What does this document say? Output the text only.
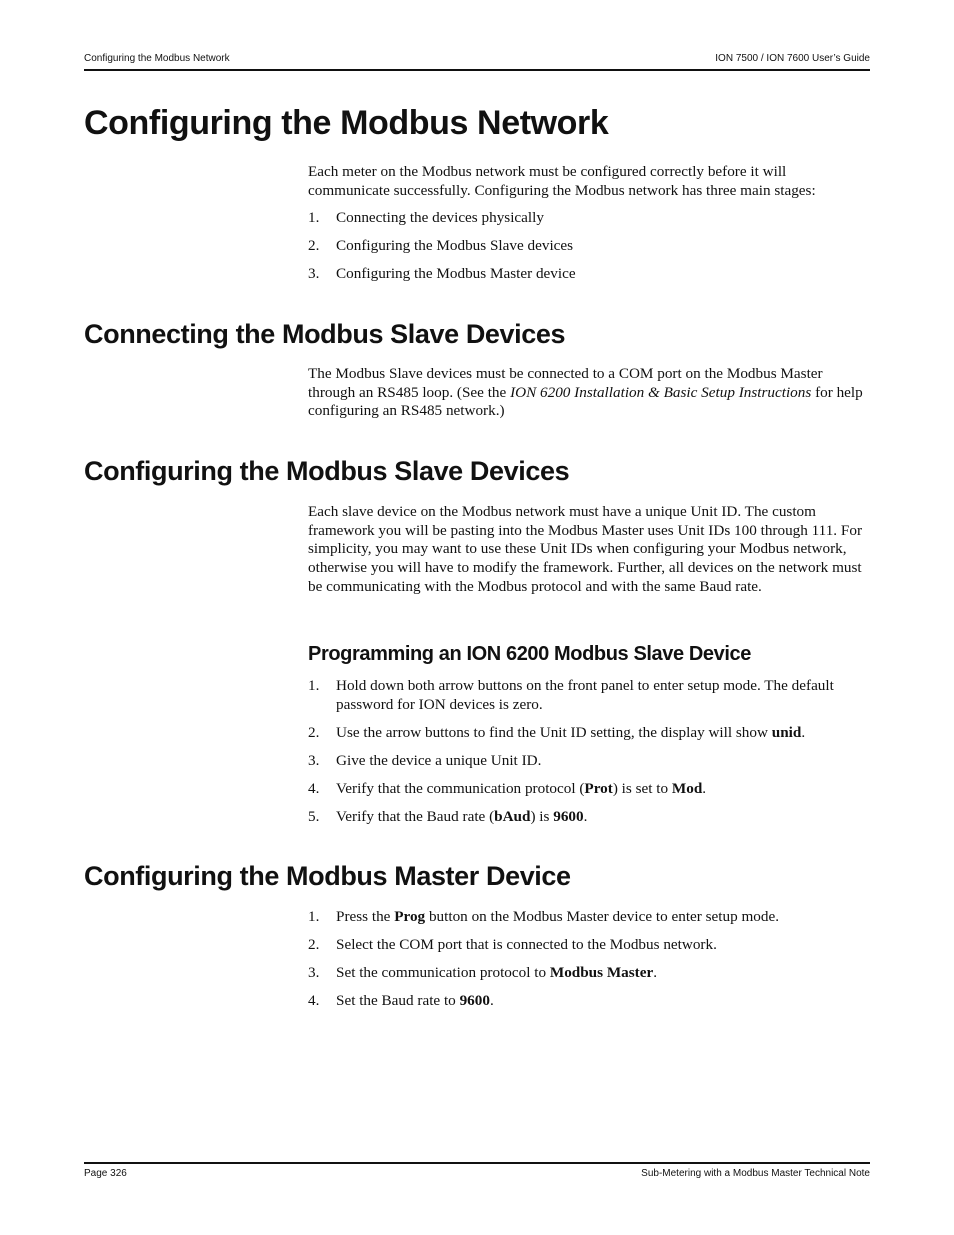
Configuring the Modbus Network	ION 7500 / ION 7600 User’s Guide
Configuring the Modbus Network

Each meter on the Modbus network must be configured correctly before it will communicate successfully. Configuring the Modbus network has three main stages:

1. Connecting the devices physically
2. Configuring the Modbus Slave devices
3. Configuring the Modbus Master device
Connecting the Modbus Slave Devices

The Modbus Slave devices must be connected to a COM port on the Modbus Master through an RS485 loop. (See the ION 6200 Installation & Basic Setup Instructions for help configuring an RS485 network.)

Configuring the Modbus Slave Devices

Each slave device on the Modbus network must have a unique Unit ID. The custom framework you will be pasting into the Modbus Master uses Unit IDs 100 through 111. For simplicity, you may want to use these Unit IDs when configuring your Modbus network, otherwise you will have to modify the framework. Further, all devices on the network must be communicating with the Modbus protocol and with the same Baud rate.

Programming an ION 6200 Modbus Slave Device
1. Hold down both arrow buttons on the front panel to enter setup mode. The default password for ION devices is zero.
2. Use the arrow buttons to find the Unit ID setting, the display will show unid.
3. Give the device a unique Unit ID.
4. Verify that the communication protocol (Prot) is set to Mod.
5. Verify that the Baud rate (bAud) is 9600.
Configuring the Modbus Master Device
1. Press the Prog button on the Modbus Master device to enter setup mode.
2. Select the COM port that is connected to the Modbus network.
3. Set the communication protocol to Modbus Master.
4. Set the Baud rate to 9600.
Page 326	Sub-Metering with a Modbus Master Technical Note
